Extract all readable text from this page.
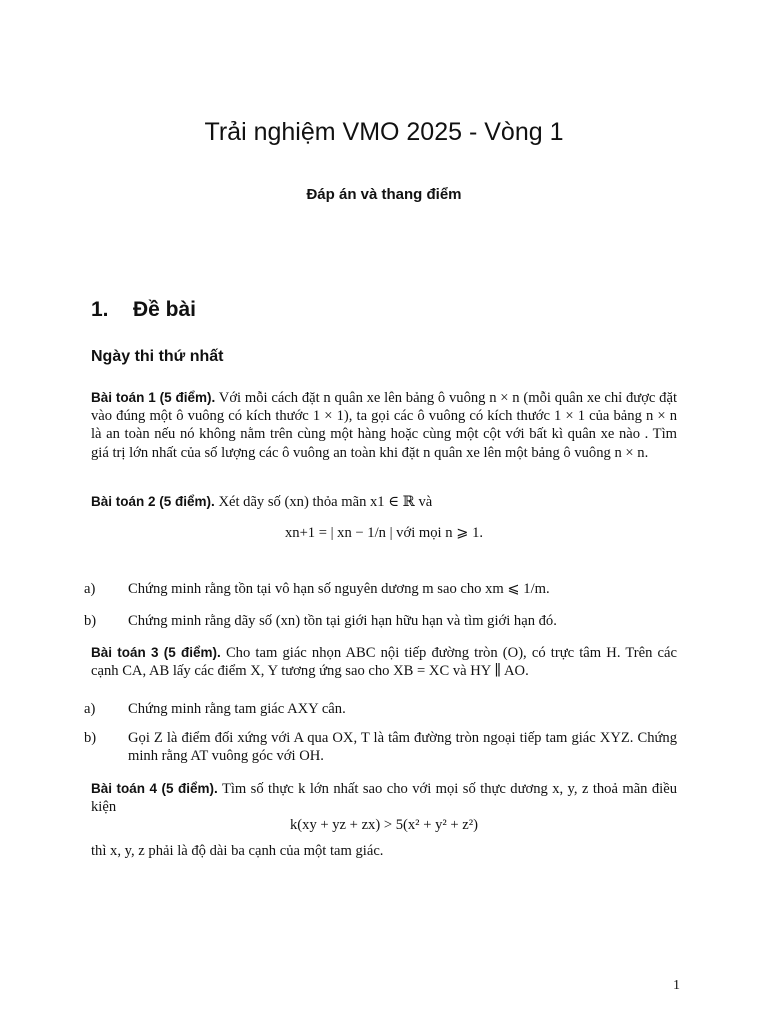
Trải nghiệm VMO 2025 - Vòng 1
Đáp án và thang điểm
1. Đề bài
Ngày thi thứ nhất
Bài toán 1 (5 điểm). Với mỗi cách đặt n quân xe lên bảng ô vuông n × n (mỗi quân xe chỉ được đặt vào đúng một ô vuông có kích thước 1 × 1), ta gọi các ô vuông có kích thước 1 × 1 của bảng n × n là an toàn nếu nó không nằm trên cùng một hàng hoặc cùng một cột với bất kì quân xe nào . Tìm giá trị lớn nhất của số lượng các ô vuông an toàn khi đặt n quân xe lên một bảng ô vuông n × n.
Bài toán 2 (5 điểm). Xét dãy số (xn) thỏa mãn x1 ∈ ℝ và
xn+1 = | xn − 1/n | với mọi n ⩾ 1.
a) Chứng minh rằng tồn tại vô hạn số nguyên dương m sao cho xm ⩽ 1/m.
b) Chứng minh rằng dãy số (xn) tồn tại giới hạn hữu hạn và tìm giới hạn đó.
Bài toán 3 (5 điểm). Cho tam giác nhọn ABC nội tiếp đường tròn (O), có trực tâm H. Trên các cạnh CA, AB lấy các điểm X, Y tương ứng sao cho XB = XC và HY ∥ AO.
a) Chứng minh rằng tam giác AXY cân.
b) Gọi Z là điểm đối xứng với A qua OX, T là tâm đường tròn ngoại tiếp tam giác XYZ. Chứng minh rằng AT vuông góc với OH.
Bài toán 4 (5 điểm). Tìm số thực k lớn nhất sao cho với mọi số thực dương x, y, z thoả mãn điều kiện
k(xy + yz + zx) > 5(x² + y² + z²)
thì x, y, z phải là độ dài ba cạnh của một tam giác.
1
